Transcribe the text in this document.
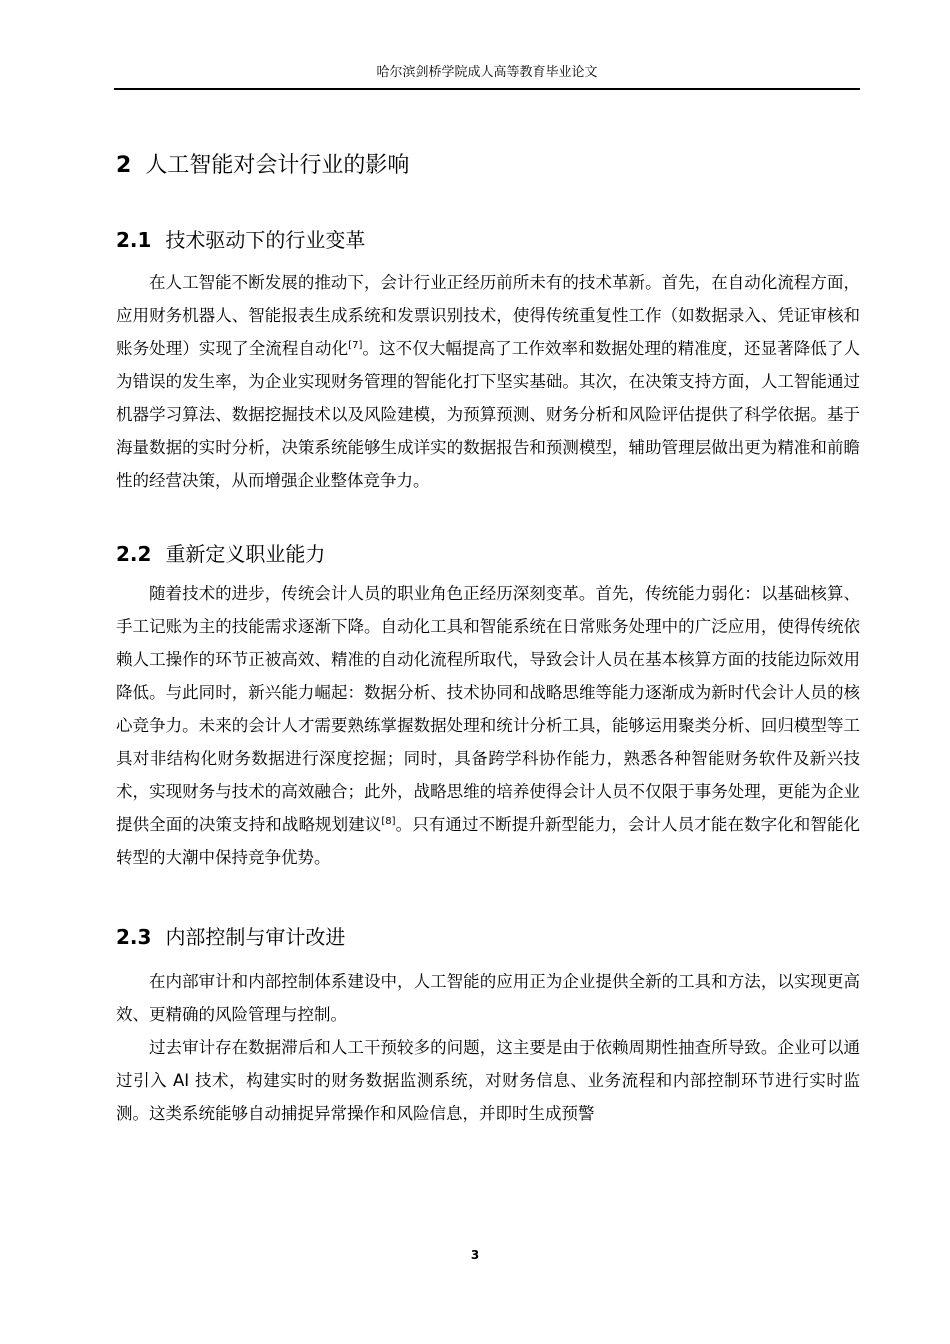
哈尔滨剑桥学院成人高等教育毕业论文
2 人工智能对会计行业的影响
2.1 技术驱动下的行业变革

在人工智能不断发展的推动下，会计行业正经历前所未有的技术革新。首先，在自动化流程方面，应用财务机器人、智能报表生成系统和发票识别技术，使得传统重复性工作（如数据录入、凭证审核和账务处理）实现了全流程自动化[7]。这不仅大幅提高了工作效率和数据处理的精准度，还显著降低了人为错误的发生率，为企业实现财务管理的智能化打下坚实基础。其次，在决策支持方面，人工智能通过机器学习算法、数据挖掘技术以及风险建模，为预算预测、财务分析和风险评估提供了科学依据。基于海量数据的实时分析，决策系统能够生成详实的数据报告和预测模型，辅助管理层做出更为精准和前瞻性的经营决策，从而增强企业整体竞争力。

2.2 重新定义职业能力

随着技术的进步，传统会计人员的职业角色正经历深刻变革。首先，传统能力弱化：以基础核算、手工记账为主的技能需求逐渐下降。自动化工具和智能系统在日常账务处理中的广泛应用，使得传统依赖人工操作的环节正被高效、精准的自动化流程所取代，导致会计人员在基本核算方面的技能边际效用降低。与此同时，新兴能力崛起：数据分析、技术协同和战略思维等能力逐渐成为新时代会计人员的核心竞争力。未来的会计人才需要熟练掌握数据处理和统计分析工具，能够运用聚类分析、回归模型等工具对非结构化财务数据进行深度挖掘；同时，具备跨学科协作能力，熟悉各种智能财务软件及新兴技术，实现财务与技术的高效融合；此外，战略思维的培养使得会计人员不仅限于事务处理，更能为企业提供全面的决策支持和战略规划建议[8]。只有通过不断提升新型能力，会计人员才能在数字化和智能化转型的大潮中保持竞争优势。

2.3 内部控制与审计改进

在内部审计和内部控制体系建设中，人工智能的应用正为企业提供全新的工具和方法，以实现更高效、更精确的风险管理与控制。

过去审计存在数据滞后和人工干预较多的问题，这主要是由于依赖周期性抽查所导致。企业可以通过引入 AI 技术，构建实时的财务数据监测系统，对财务信息、业务流程和内部控制环节进行实时监测。这类系统能够自动捕捉异常操作和风险信息，并即时生成预警

3
